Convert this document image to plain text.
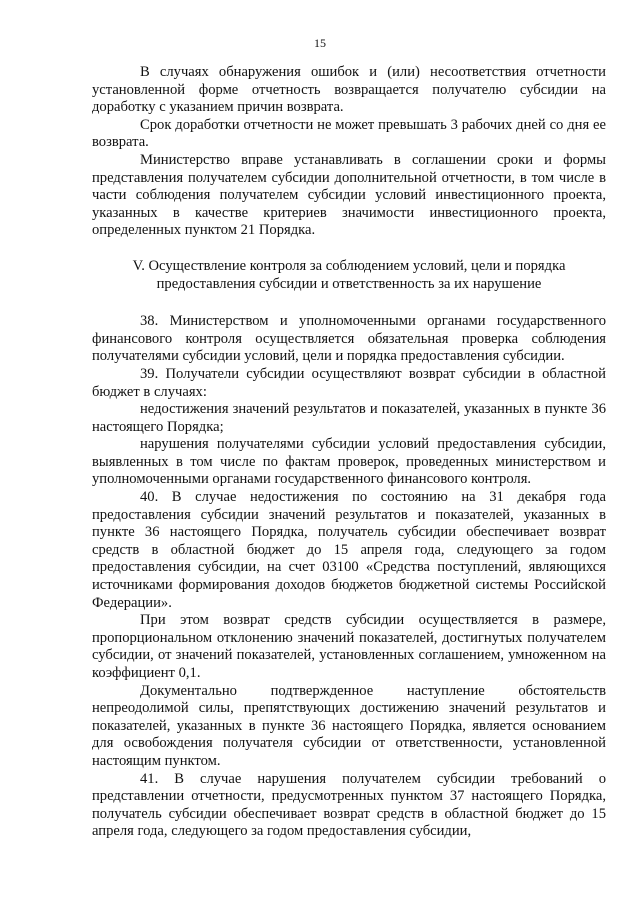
15

В случаях обнаружения ошибок и (или) несоответствия отчетности установленной форме отчетность возвращается получателю субсидии на доработку с указанием причин возврата.

Срок доработки отчетности не может превышать 3 рабочих дней со дня ее возврата.

Министерство вправе устанавливать в соглашении сроки и формы представления получателем субсидии дополнительной отчетности, в том числе в части соблюдения получателем субсидии условий инвестиционного проекта, указанных в качестве критериев значимости инвестиционного проекта, определенных пунктом 21 Порядка.

V. Осуществление контроля за соблюдением условий, цели и порядка предоставления субсидии и ответственность за их нарушение

38. Министерством и уполномоченными органами государственного финансового контроля осуществляется обязательная проверка соблюдения получателями субсидии условий, цели и порядка предоставления субсидии.

39. Получатели субсидии осуществляют возврат субсидии в областной бюджет в случаях:

недостижения значений результатов и показателей, указанных в пункте 36 настоящего Порядка;

нарушения получателями субсидии условий предоставления субсидии, выявленных в том числе по фактам проверок, проведенных министерством и уполномоченными органами государственного финансового контроля.

40. В случае недостижения по состоянию на 31 декабря года предоставления субсидии значений результатов и показателей, указанных в пункте 36 настоящего Порядка, получатель субсидии обеспечивает возврат средств в областной бюджет до 15 апреля года, следующего за годом предоставления субсидии, на счет 03100 «Средства поступлений, являющихся источниками формирования доходов бюджетов бюджетной системы Российской Федерации».

При этом возврат средств субсидии осуществляется в размере, пропорциональном отклонению значений показателей, достигнутых получателем субсидии, от значений показателей, установленных соглашением, умноженном на коэффициент 0,1.

Документально подтвержденное наступление обстоятельств непреодолимой силы, препятствующих достижению значений результатов и показателей, указанных в пункте 36 настоящего Порядка, является основанием для освобождения получателя субсидии от ответственности, установленной настоящим пунктом.

41. В случае нарушения получателем субсидии требований о представлении отчетности, предусмотренных пунктом 37 настоящего Порядка, получатель субсидии обеспечивает возврат средств в областной бюджет до 15 апреля года, следующего за годом предоставления субсидии,
